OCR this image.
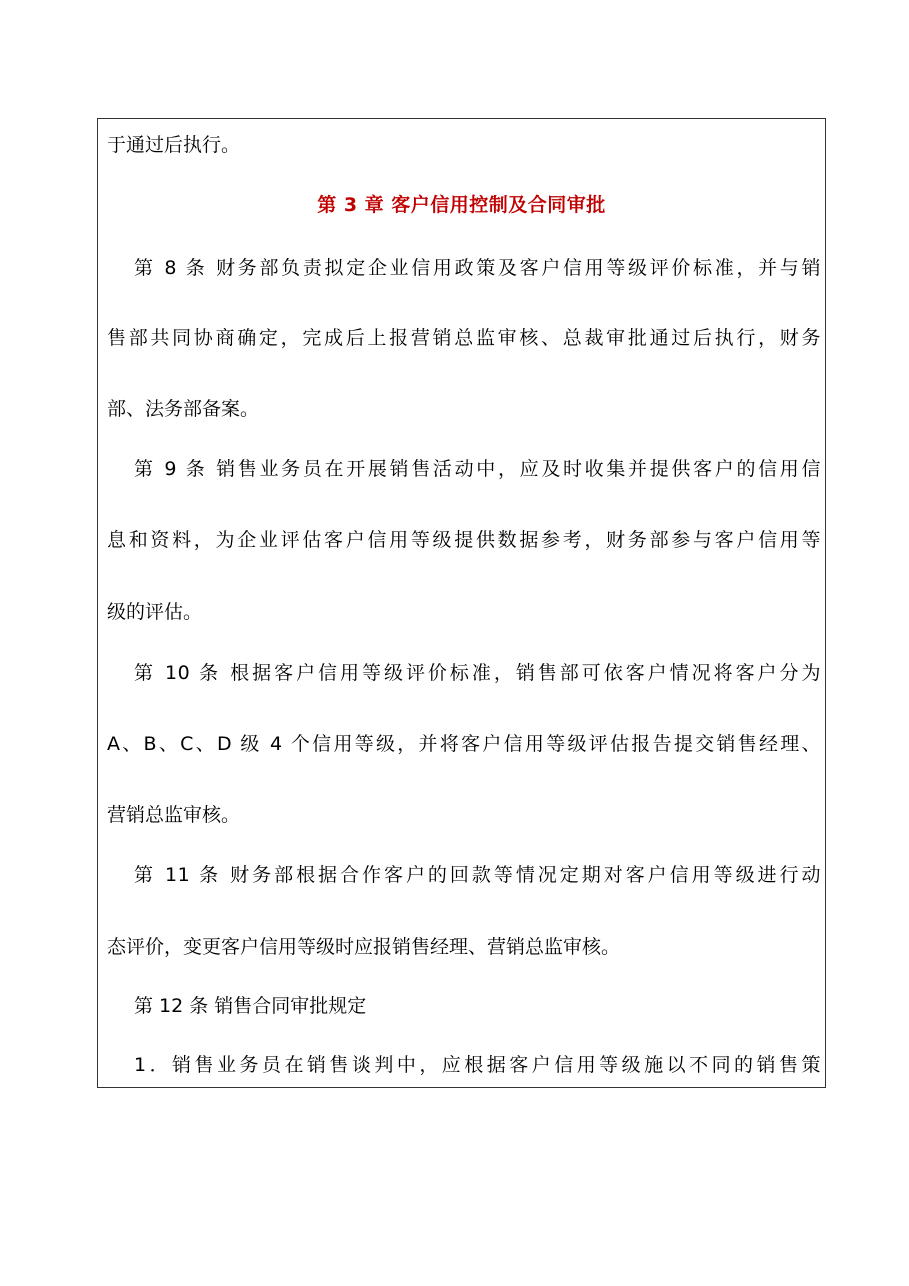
于通过后执行。
第 3 章 客户信用控制及合同审批
第 8 条 财务部负责拟定企业信用政策及客户信用等级评价标准，并与销
售部共同协商确定，完成后上报营销总监审核、总裁审批通过后执行，财务
部、法务部备案。
第 9 条 销售业务员在开展销售活动中，应及时收集并提供客户的信用信
息和资料，为企业评估客户信用等级提供数据参考，财务部参与客户信用等
级的评估。
第 10 条 根据客户信用等级评价标准，销售部可依客户情况将客户分为
A、B、C、D 级 4 个信用等级，并将客户信用等级评估报告提交销售经理、
营销总监审核。
第 11 条 财务部根据合作客户的回款等情况定期对客户信用等级进行动
态评价，变更客户信用等级时应报销售经理、营销总监审核。
第 12 条 销售合同审批规定
1．销售业务员在销售谈判中，应根据客户信用等级施以不同的销售策
